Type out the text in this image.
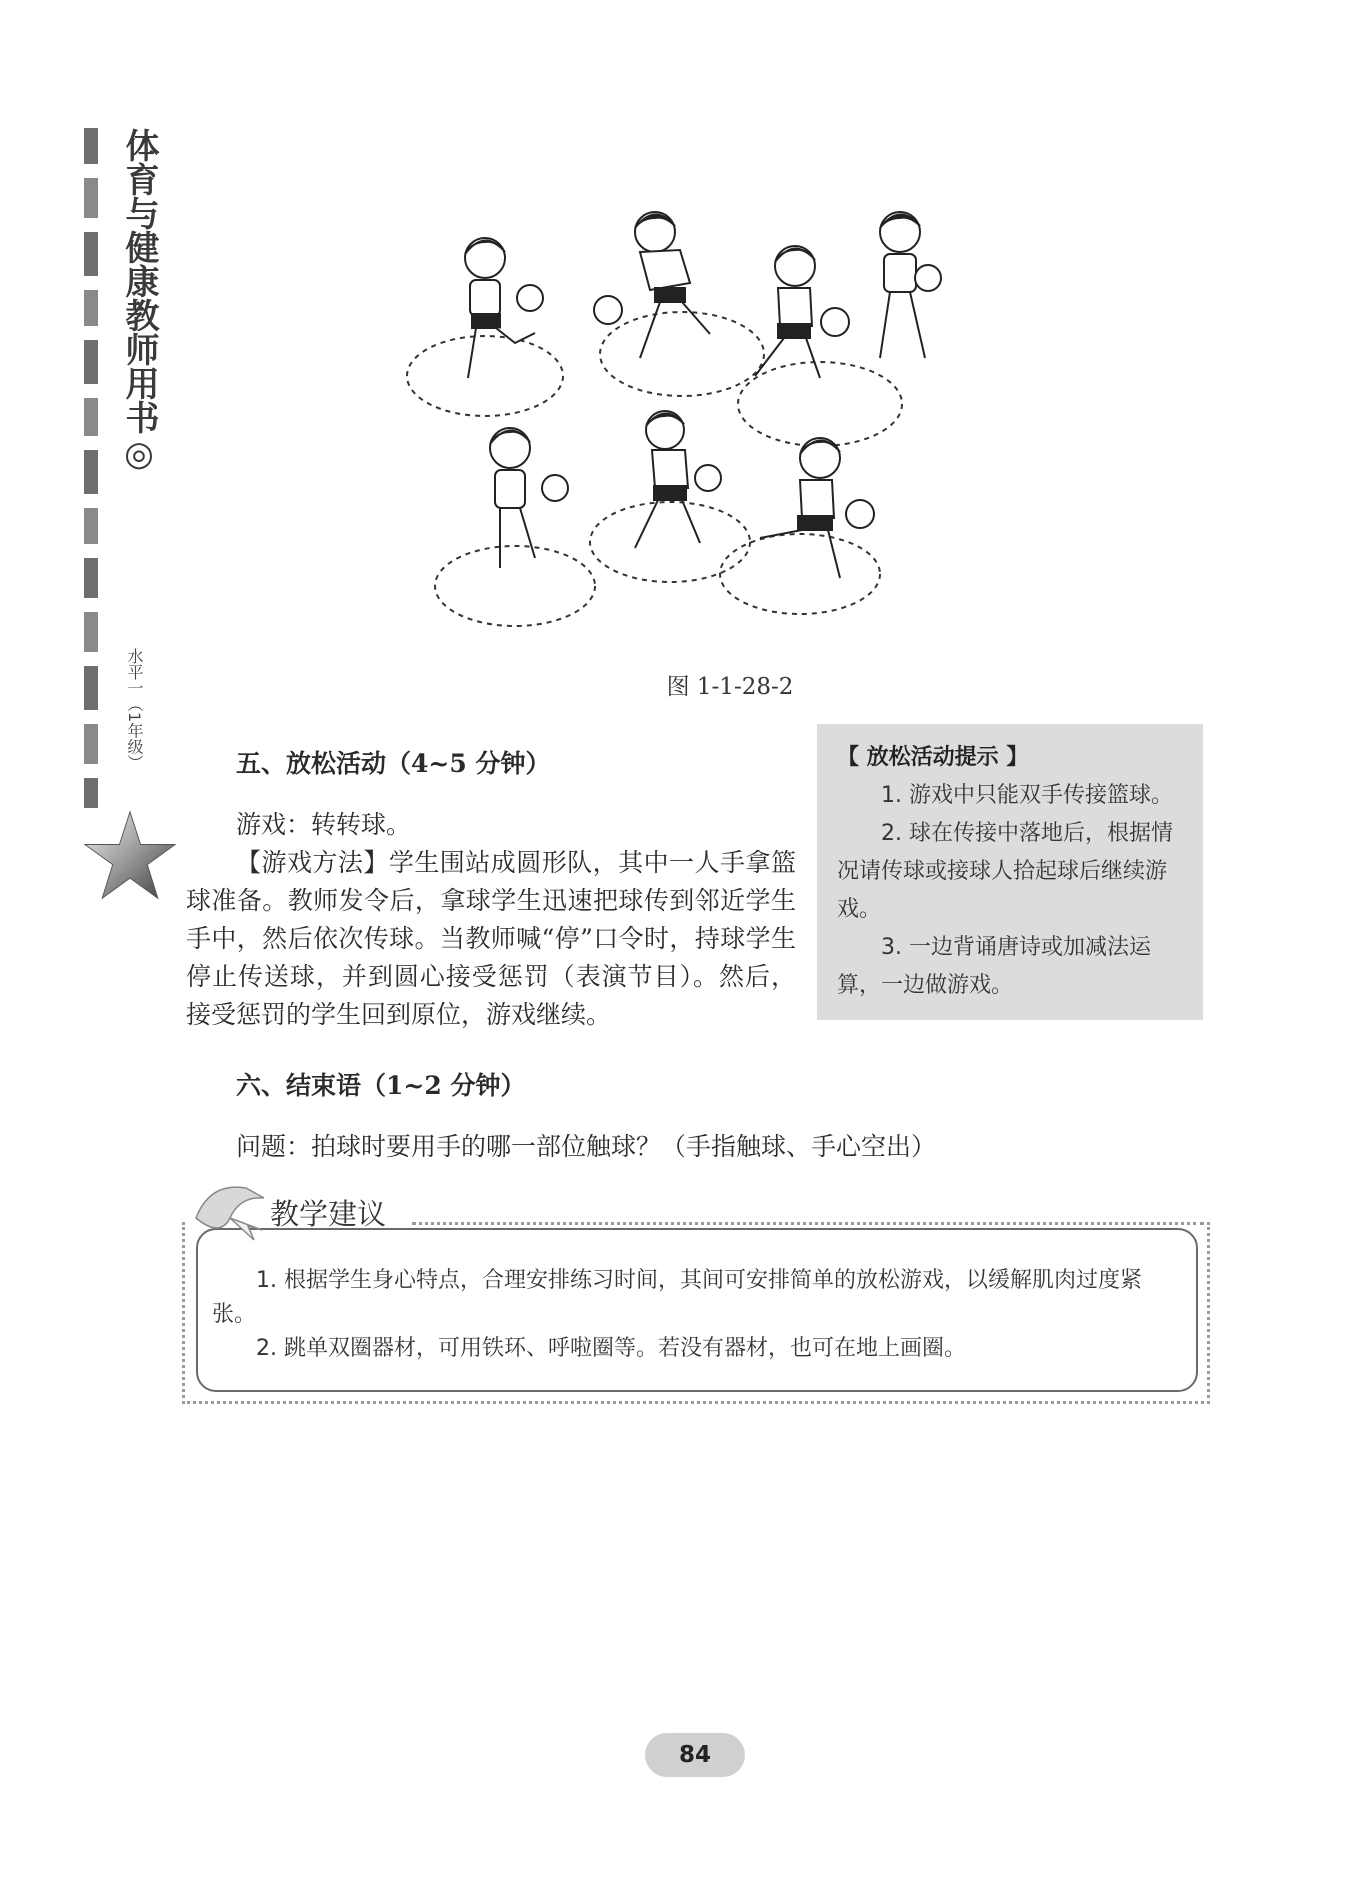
体育与健康教师用书◎
水平一（1年级）	图 1-1-28-2
五、放松活动（4~5 分钟）
游戏：转转球。
【游戏方法】学生围站成圆形队，其中一人手拿篮球准备。教师发令后，拿球学生迅速把球传到邻近学生手中，然后依次传球。当教师喊“停”口令时，持球学生停止传送球，并到圆心接受惩罚（表演节目）。然后，接受惩罚的学生回到原位，游戏继续。
【 放松活动提示 】
1. 游戏中只能双手传接篮球。
2. 球在传接中落地后，根据情况请传球或接球人拾起球后继续游戏。
3. 一边背诵唐诗或加减法运算，一边做游戏。
六、结束语（1~2 分钟）
问题：拍球时要用手的哪一部位触球？（手指触球、手心空出）
1. 根据学生身心特点，合理安排练习时间，其间可安排简单的放松游戏，以缓解肌肉过度紧张。
2. 跳单双圈器材，可用铁环、呼啦圈等。若没有器材，也可在地上画圈。
教学建议
84
